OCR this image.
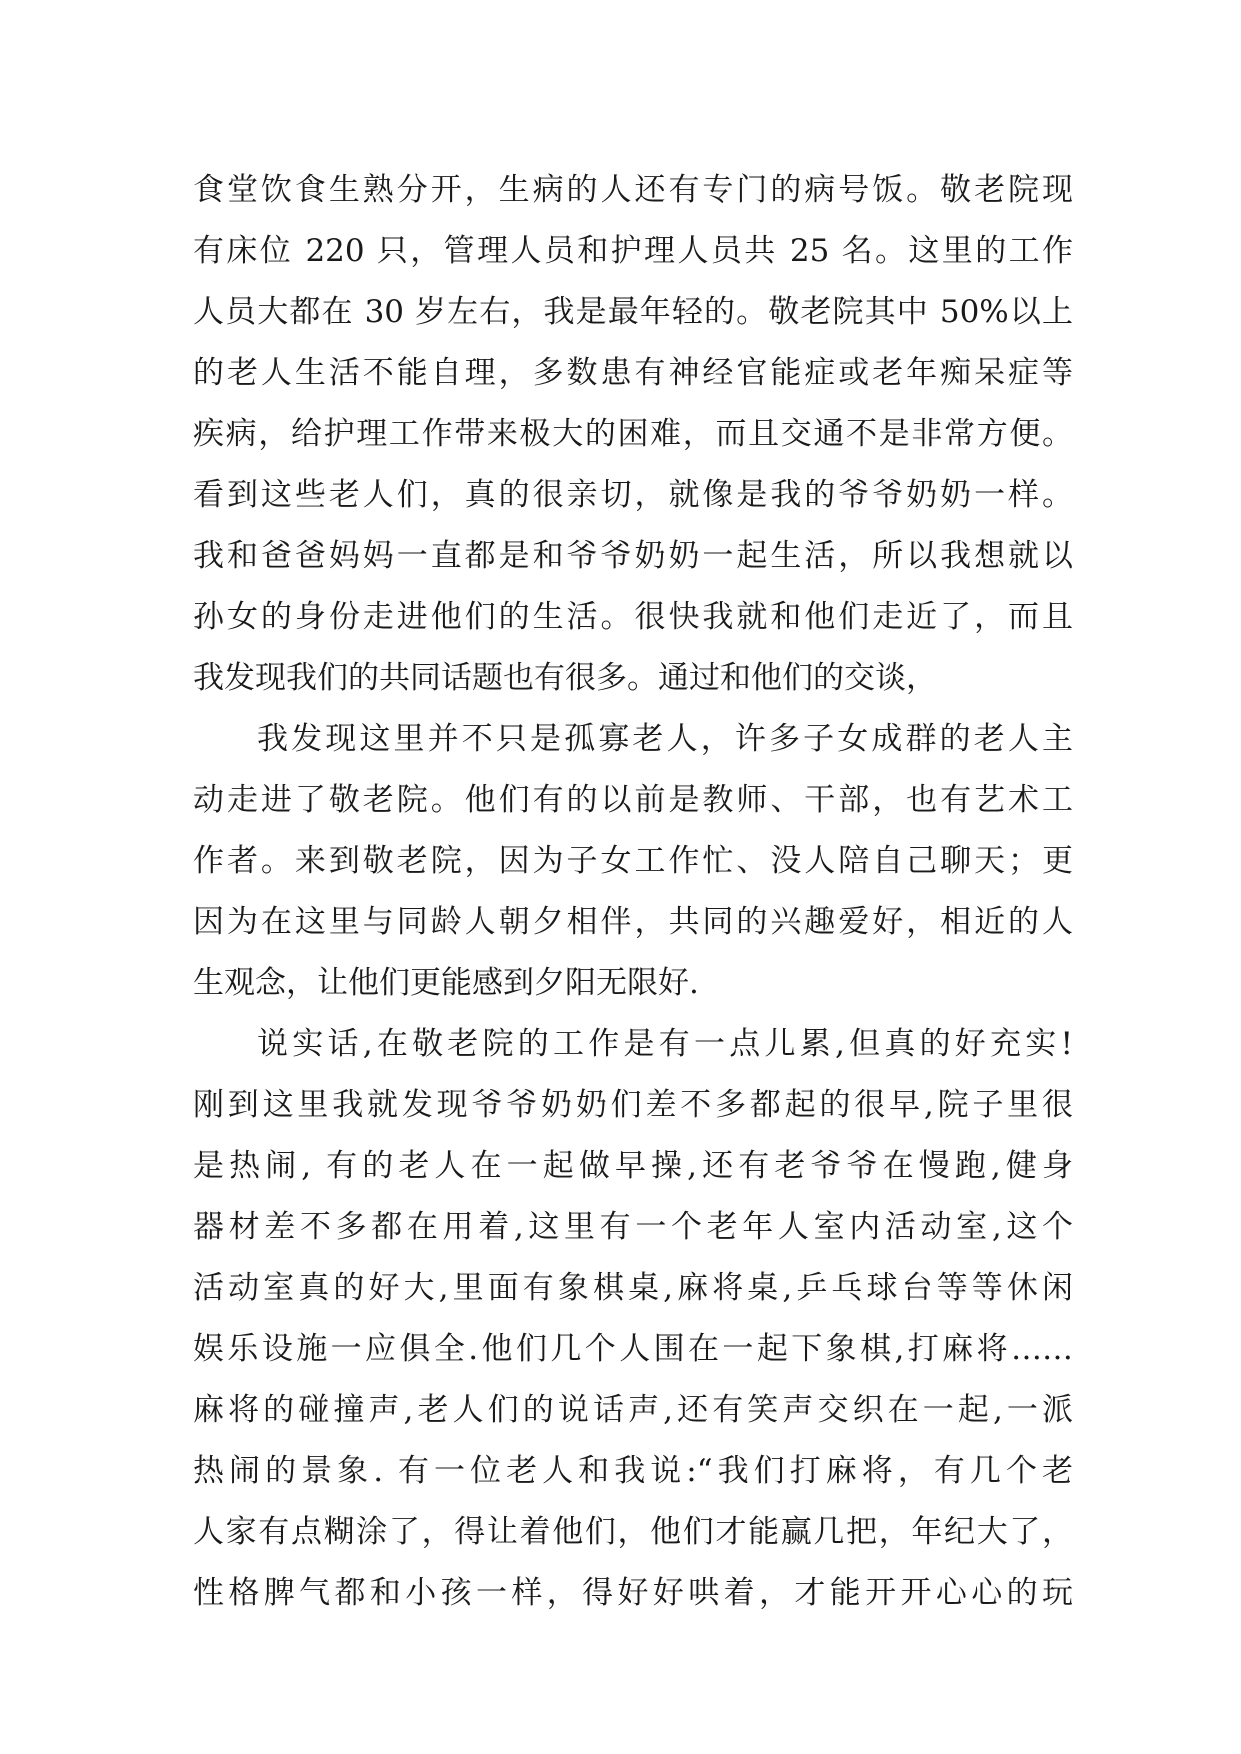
食堂饮食生熟分开，生病的人还有专门的病号饭。敬老院现
有床位 220 只，管理人员和护理人员共 25 名。这里的工作
人员大都在 30 岁左右，我是最年轻的。敬老院其中 50%以上
的老人生活不能自理，多数患有神经官能症或老年痴呆症等
疾病，给护理工作带来极大的困难，而且交通不是非常方便。
看到这些老人们，真的很亲切，就像是我的爷爷奶奶一样。
我和爸爸妈妈一直都是和爷爷奶奶一起生活，所以我想就以
孙女的身份走进他们的生活。很快我就和他们走近了，而且
我发现我们的共同话题也有很多。通过和他们的交谈，
我发现这里并不只是孤寡老人，许多子女成群的老人主
动走进了敬老院。他们有的以前是教师、干部，也有艺术工
作者。来到敬老院，因为子女工作忙、没人陪自己聊天；更
因为在这里与同龄人朝夕相伴，共同的兴趣爱好，相近的人
生观念，让他们更能感到夕阳无限好.
说实话,在敬老院的工作是有一点儿累,但真的好充实!
刚到这里我就发现爷爷奶奶们差不多都起的很早,院子里很
是热闹, 有的老人在一起做早操,还有老爷爷在慢跑,健身
器材差不多都在用着,这里有一个老年人室内活动室,这个
活动室真的好大,里面有象棋桌,麻将桌,乒乓球台等等休闲
娱乐设施一应俱全.他们几个人围在一起下象棋,打麻将……
麻将的碰撞声,老人们的说话声,还有笑声交织在一起,一派
热闹的景象. 有一位老人和我说:“我们打麻将，有几个老
人家有点糊涂了，得让着他们，他们才能赢几把，年纪大了，
性格脾气都和小孩一样，得好好哄着，才能开开心心的玩
